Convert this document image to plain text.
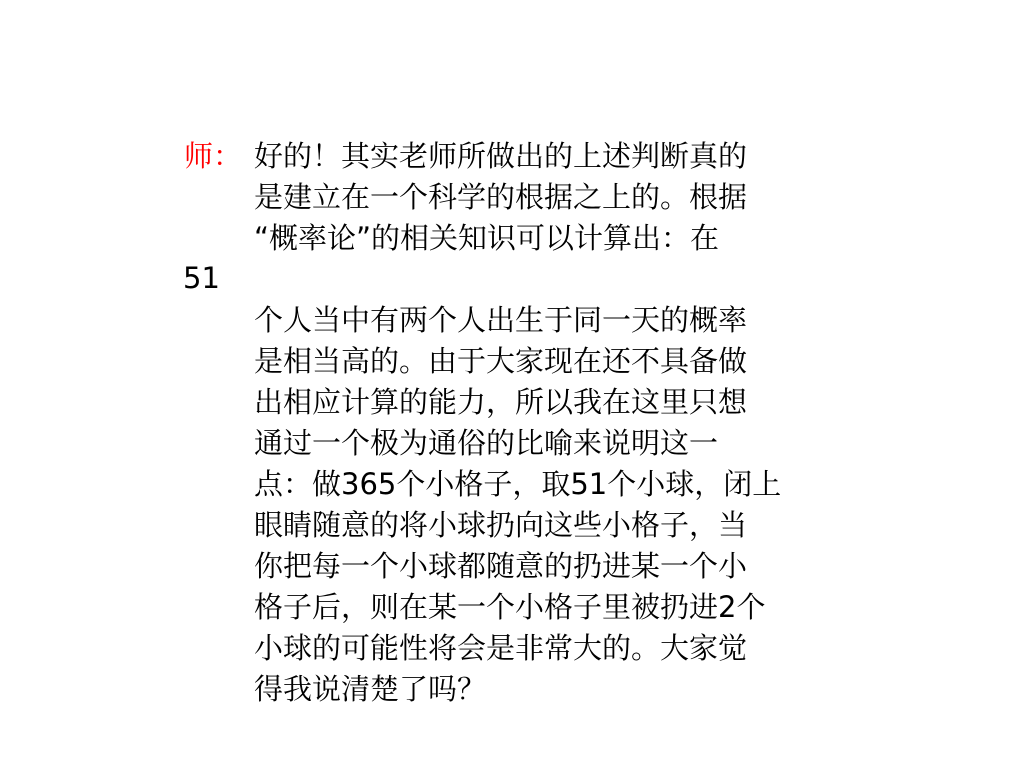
师： 好的！其实老师所做出的上述判断真的
是建立在一个科学的根据之上的。根据
“概率论”的相关知识可以计算出：在
51
个人当中有两个人出生于同一天的概率
是相当高的。由于大家现在还不具备做
出相应计算的能力，所以我在这里只想
通过一个极为通俗的比喻来说明这一
点：做365个小格子，取51个小球，闭上
眼睛随意的将小球扔向这些小格子，当
你把每一个小球都随意的扔进某一个小
格子后，则在某一个小格子里被扔进2个
小球的可能性将会是非常大的。大家觉
得我说清楚了吗？
